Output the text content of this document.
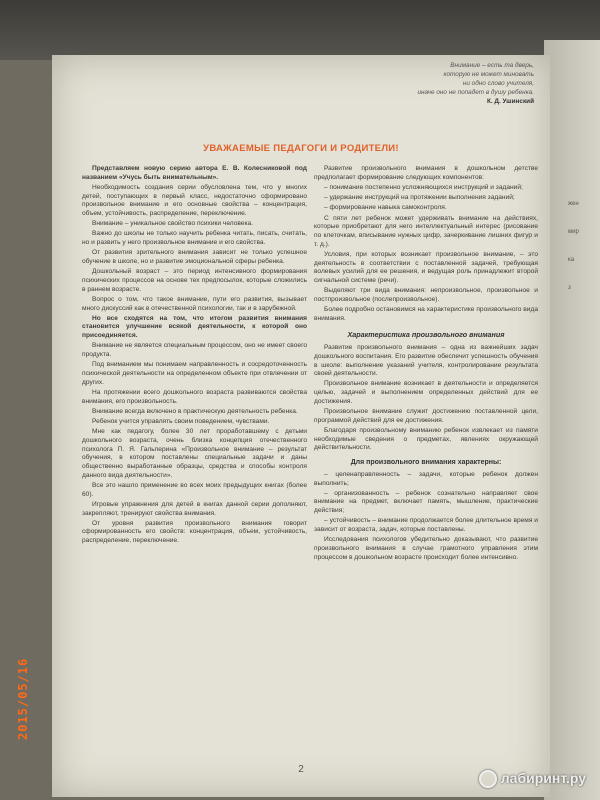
жен
мир
ка
з
Внимание – есть та дверь,
которую не может миновать
ни одно слово учителя,
иначе оно не попадет в душу ребенка.
К. Д. Ушинский
УВАЖАЕМЫЕ ПЕДАГОГИ И РОДИТЕЛИ!

Представляем новую серию автора Е. В. Колесниковой под названием «Учусь быть внимательным».

Необходимость создания серии обусловлена тем, что у многих детей, поступающих в первый класс, недостаточно сформировано произвольное внимание и его основные свойства – концентрация, объем, устойчивость, распределение, переключение.

Внимание – уникальное свойство психики человека.

Важно до школы не только научить ребенка читать, писать, считать, но и развить у него произвольное внимание и его свойства.

От развития зрительного внимания зависит не только успешное обучение в школе, но и развитие эмоциональной сферы ребенка.

Дошкольный возраст – это период интенсивного формирования психических процессов на основе тех предпосылок, которые сложились в раннем возрасте.

Вопрос о том, что такое внимание, пути его развития, вызывает много дискуссий как в отечественной психологии, так и в зарубежной.

Но все сходятся на том, что итогом развития внимания становится улучшение всякой деятельности, к которой оно присоединяется.

Внимание не является специальным процессом, оно не имеет своего продукта.

Под вниманием мы понимаем направленность и сосредоточенность психической деятельности на определенном объекте при отвлечении от других.

На протяжении всего дошкольного возраста развиваются свойства внимания, его произвольность.

Внимание всегда включено в практическую деятельность ребенка.

Ребенок учится управлять своим поведением, чувствами.

Мне как педагогу, более 30 лет проработавшему с детьми дошкольного возраста, очень близка концепция отечественного психолога П. Я. Гальперина «Произвольное внимание – результат обучения, в котором поставлены специальные задачи и даны общественно выработанные образцы, средства и способы контроля данного вида деятельности».

Все это нашло применение во всех моих предыдущих книгах (более 60).

Игровые упражнения для детей в книгах данной серии дополняют, закрепляют, тренируют свойства внимания.

От уровня развития произвольного внимания говорит сформированность его свойств: концентрация, объем, устойчивость, распределение, переключение.

Развитие произвольного внимания в дошкольном детстве предполагает формирование следующих компонентов:

– понимание постепенно усложняющихся инструкций и заданий;

– удержание инструкций на протяжении выполнения заданий;

– формирование навыка самоконтроля.

С пяти лет ребенок может удерживать внимание на действиях, которые приобретают для него интеллектуальный интерес (рисование по клеточкам, вписывание нужных цифр, зачеркивание лишних фигур и т. д.).

Условия, при которых возникает произвольное внимание, – это деятельность в соответствии с поставленной задачей, требующая волевых усилий для ее решения, и ведущая роль принадлежит второй сигнальной системе (речи).

Выделяют три вида внимания: непроизвольное, произвольное и постпроизвольное (послепроизвольное).

Более подробно остановимся на характеристике произвольного вида внимания.

Характеристика произвольного внимания

Развитие произвольного внимания – одна из важнейших задач дошкольного воспитания. Его развитие обеспечит успешность обучения в школе: выполнение указаний учителя, контролирование результата своей деятельности.

Произвольное внимание возникает в деятельности и определяется целью, задачей и выполнением определенных действий для ее достижения.

Произвольное внимание служит достижению поставленной цели, программой действий для ее достижения.

Благодаря произвольному вниманию ребенок извлекает из памяти необходимые сведения о предметах, явлениях окружающей действительности.

Для произвольного внимания характерны:

– целенаправленность – задачи, которые ребенок должен выполнить;

– организованность – ребенок сознательно направляет свое внимание на предмет, включает память, мышление, практические действия;

– устойчивость – внимание продолжается более длительное время и зависит от возраста, задач, которые поставлены.

Исследования психологов убедительно доказывают, что развитие произвольного внимания в случае грамотного управления этим процессом в дошкольном возрасте происходит более интенсивно.

2
2015/05/16
лабиринт.ру
